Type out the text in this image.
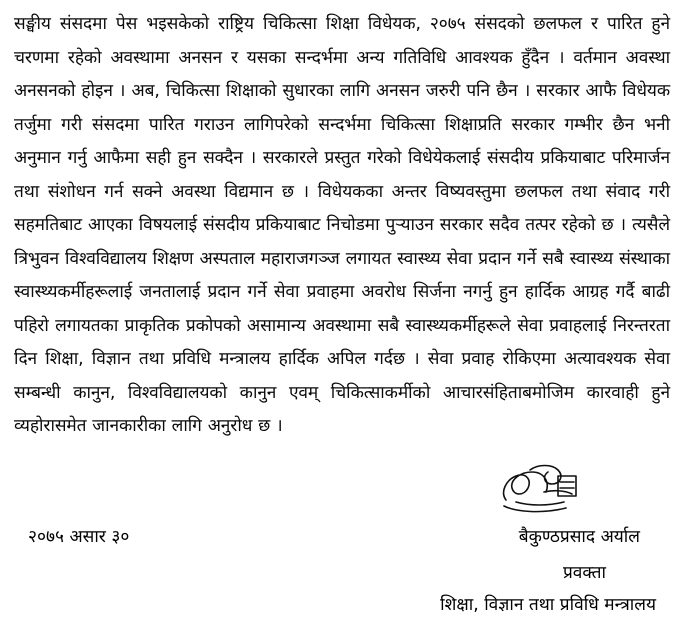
सङ्घीय संसदमा पेस भइसकेको राष्ट्रिय चिकित्सा शिक्षा विधेयक, २०७५ संसदको छलफल र पारित हुने चरणमा रहेको अवस्थामा अनसन र यसका सन्दर्भमा अन्य गतिविधि आवश्यक हुँदैन । वर्तमान अवस्था अनसनको होइन । अब, चिकित्सा शिक्षाको सुधारका लागि अनसन जरुरी पनि छैन । सरकार आफै विधेयक तर्जुमा गरी संसदमा पारित गराउन लागिपरेको सन्दर्भमा चिकित्सा शिक्षाप्रति सरकार गम्भीर छैन भनी अनुमान गर्नु आफैमा सही हुन सक्दैन । सरकारले प्रस्तुत गरेको विधेयेकलाई संसदीय प्रकियाबाट परिमार्जन तथा संशोधन गर्न सक्ने अवस्था विद्यमान छ । विधेयकका अन्तर विष्यवस्तुमा छलफल तथा संवाद गरी सहमतिबाट आएका विषयलाई संसदीय प्रकियाबाट निचोडमा पुर्‍याउन सरकार सदैव तत्पर रहेको छ । त्यसैले त्रिभुवन विश्वविद्यालय शिक्षण अस्पताल महाराजगञ्ज लगायत स्वास्थ्य सेवा प्रदान गर्ने सबै स्वास्थ्य संस्थाका स्वास्थ्यकर्मीहरूलाई जनतालाई प्रदान गर्ने सेवा प्रवाहमा अवरोध सिर्जना नगर्नु हुन हार्दिक आग्रह गर्दै बाढी पहिरो लगायतका प्राकृतिक प्रकोपको असामान्य अवस्थामा सबै स्वास्थ्यकर्मीहरूले सेवा प्रवाहलाई निरन्तरता दिन शिक्षा, विज्ञान तथा प्रविधि मन्त्रालय हार्दिक अपिल गर्दछ । सेवा प्रवाह रोकिएमा अत्यावश्यक सेवा सम्बन्धी कानुन, विश्वविद्यालयको कानुन एवम् चिकित्साकर्मीको आचारसंहिताबमोजिम कारवाही हुने व्यहोरासमेत जानकारीका लागि अनुरोध छ ।

२०७५ असार ३०	बैकुण्ठप्रसाद अर्याल
प्रवक्ता
शिक्षा, विज्ञान तथा प्रविधि मन्त्रालय
